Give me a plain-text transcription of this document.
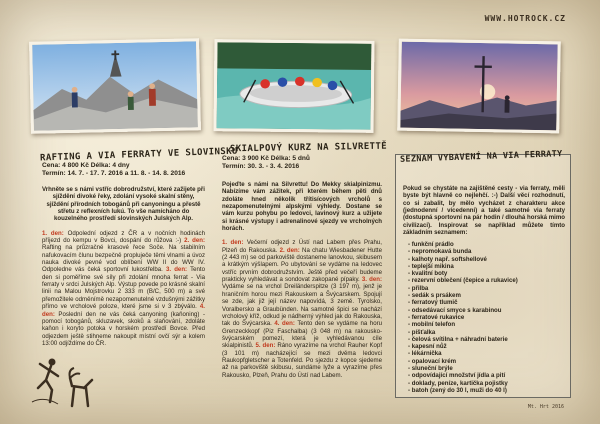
WWW.HOTROCK.CZ
RAFTING A VIA FERRATY VE SLOVINSKU
Cena: 4 800 Kč Délka: 4 dny
Termín: 14. 7. - 17. 7. 2016 a 11. 8. - 14. 8. 2016
Vrhněte se s námi vstříc dobrodružství, které zažijete při sjíždění divoké řeky, zdolání vysoké skalní stěny, sjíždění přírodních tobogánů při canyoningu a přestě střetu z reflexních lukú. To vše namícháno do kouzelného prostředí slovinských Julských Alp.
1. den: Odpolední odjezd z ČR a v nočních hodinách příjezd do kempu v Bovci, dospání do růžova :-) 2. den: Rafting na průzračné krasové řece Soče. Na stabilním nafukovacím člunu bezpečně propluječe těmi vlnami a úvoz nauka divoké pevné vod oblíbení WW II do WW IV. Odpoledne vás čeká sportovní lukostřelba. 3. den: Tento den si poměříme své síly při zdolání mnoha ferrat - Via ferraty v srdci Julských Alp. Výstup povede po krásné skalní linii na Malou Mojstrovku 2 333 m (B/C, 500 m) a své přemožitele odměnímě nezapomenutelné vzdušnými zážitky přímo ve vrcholové poloze, které jsme si v 3 zbýválo. 4. den: Poslední den ne vás čeká canyoning (kaňoning) - pomocí tobogánů, skluzavek, skoků a slaňování, zdoláte kaňon i koryto potoka v horském prostředí Bovce. Před odjezdem ještě stihneme nakoupit místní ovčí sýr a kolem 13:00 odjíždíme do ČR.
SKIALPOVÝ KURZ NA SILVRETTĚ
Cena: 3 900 Kč Délka: 5 dnů
Termín: 30. 3. - 3. 4. 2016
Pojeďte s námi na Silvrettu! Do Mekky skialpinizmu. Nabízíme vám zážitek, při kterém během pěti dnů zdoláte hned několik třítisícových vrcholů s nezapomenutelnými alpskými výhledy. Dostane se vám kurzu pohybu po ledovci, lavinový kurz a užijete si krásné výstupy i adrenalinové sjezdy ve vrcholných horách.
1. den: Večerní odjezd z Ústí nad Labem přes Prahu, Plzeň do Rakouska. 2. den: Na chatu Wiesbadener Hutte (2 443 m) se od parkoviště dostaneme lanovkou, skibusem a krátkým výšlapem. Po ubytování se vydáme na ledovec vstříc prvním dobrodružstvím. Ještě před večeří budeme prakticky vyhledávat a sondovat zakopané pípaky. 3. den: Vydáme se na vrchol Dreiländerspitze (3 197 m), jenž je hraničním horou mezi Rakouskem a Švýcarskem. Spojují se zde, jak již její název napovídá, 3 země. Tyrolsko, Voralbersko a Graubünden. Na samotné špici se nachází vrcholový kříž, odkud je nádherný výhled jak do Rakouska, tak do Švýcarska. 4. den: Tento den se vydáme na horu Grenzeckkopf (Piz Faschalba) (3 048 m) na rakousko-švýcarském pomezí, která je vyhledávanou cíle skialpinistů. 5. den: Ráno vyrazíme na vrchol Rauher Kopf (3 101 m) nacházející se mezi dvěma ledovci Raukopfgletscher a Totenfeld. Po sjezdu z kopce sjedeme až na parkoviště skibusu, sundáme lyže a vyrazíme přes Rakousko, Plzeň, Prahu do Ústí nad Labem.
SEZNAM VYBAVENÍ NA VIA FERRATY
Pokud se chystáte na zajištěné cesty - via ferraty, měli byste být hlavně co nejlehčí. :-) Další věcí rozhodnutí, co si zabalit, by mělo vycházet z charakteru akce (jednodenní / vícedenní) a také samotné via ferraty (dostupná sportovní na pár hodin / dlouhá horská mimo civilizaci). Inspirovat se například můžete tímto základním seznamem:
- funkční prádlo
- nepromokavá bunda
- kalhoty např. softshellové
- teplejší mikina
- kvalitní boty
- rezervní oblečení (čepice a rukavice)
- přilba
- sedák s prsákem
- ferratový tlumič
- odsedávací smyce s karabinou
- ferratové rukavice
- mobilní telefon
- píšťalka
- čelová svítilna + náhradní baterie
- kapesní nůž
- lékárnička
- opalovací krém
- sluneční brýle
- odpovídající množství jídla a pití
- doklady, peníze, kartička pojistky
- batoh (zený do 30 l, muži do 40 l)
Mt. Hrt 2016
